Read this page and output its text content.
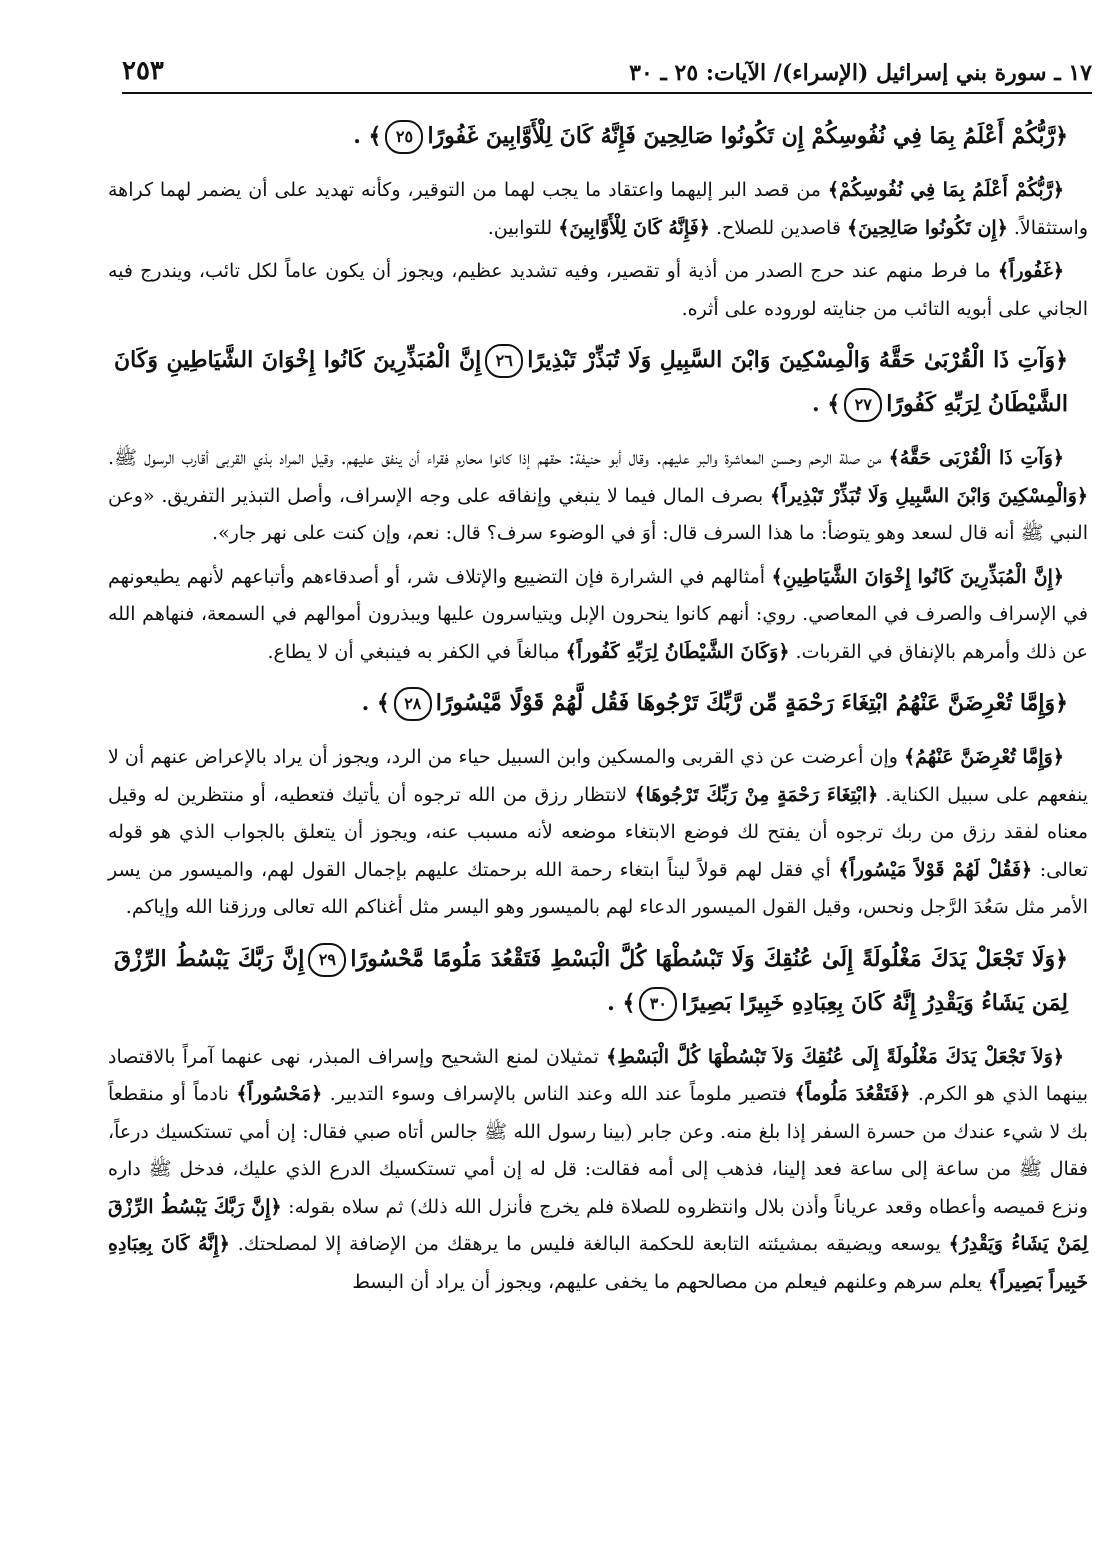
١٧ ـ سورة بني إسرائيل (الإسراء)/ الآيات: ٢٥ ـ ٣٠
٢٥٣

﴿رَّبُّكُمْ أَعْلَمُ بِمَا فِي نُفُوسِكُمْ إِن تَكُونُوا صَالِحِينَ فَإِنَّهُ كَانَ لِلْأَوَّابِينَ غَفُورًا٢٥﴾ .

﴿رَّبُّكُمْ أَعْلَمُ بِمَا فِي نُفُوسِكُمْ﴾ من قصد البر إليهما واعتقاد ما يجب لهما من التوقير، وكأنه تهديد على أن يضمر لهما كراهة واستثقالاً. ﴿إِن تَكُونُوا صَالِحِينَ﴾ قاصدين للصلاح. ﴿فَإِنَّهُ كَانَ لِلْأَوَّابِينَ﴾ للتوابين.

﴿غَفُوراً﴾ ما فرط منهم عند حرج الصدر من أذية أو تقصير، وفيه تشديد عظيم، ويجوز أن يكون عاماً لكل تائب، ويندرج فيه الجاني على أبويه التائب من جنايته لوروده على أثره.

﴿وَآتِ ذَا الْقُرْبَىٰ حَقَّهُ وَالْمِسْكِينَ وَابْنَ السَّبِيلِ وَلَا تُبَذِّرْ تَبْذِيرًا٢٦إِنَّ الْمُبَذِّرِينَ كَانُوا إِخْوَانَ الشَّيَاطِينِ وَكَانَ الشَّيْطَانُ لِرَبِّهِ كَفُورًا٢٧﴾ .

﴿وَآتِ ذَا الْقُرْبَى حَقَّهُ﴾ من صلة الرحم وحسن المعاشرة والبر عليهم. وقال أبو حنيفة: حقهم إذا كانوا محارم فقراء أن ينفق عليهم. وقيل المراد بذي القربى أقارب الرسول ﷺ. ﴿وَالْمِسْكِينَ وَابْنَ السَّبِيلِ وَلَا تُبَذِّرْ تَبْذِيراً﴾ بصرف المال فيما لا ينبغي وإنفاقه على وجه الإسراف، وأصل التبذير التفريق. «وعن النبي ﷺ أنه قال لسعد وهو يتوضأ: ما هذا السرف قال: أوَ في الوضوء سرف؟ قال: نعم، وإن كنت على نهر جار».

﴿إِنَّ الْمُبَذِّرِينَ كَانُوا إِخْوَانَ الشَّيَاطِينِ﴾ أمثالهم في الشرارة فإن التضييع والإتلاف شر، أو أصدقاءهم وأتباعهم لأنهم يطيعونهم في الإسراف والصرف في المعاصي. روي: أنهم كانوا ينحرون الإبل ويتياسرون عليها ويبذرون أموالهم في السمعة، فنهاهم الله عن ذلك وأمرهم بالإنفاق في القربات. ﴿وَكَانَ الشَّيْطَانُ لِرَبِّهِ كَفُوراً﴾ مبالغاً في الكفر به فينبغي أن لا يطاع.

﴿وَإِمَّا تُعْرِضَنَّ عَنْهُمُ ابْتِغَاءَ رَحْمَةٍ مِّن رَّبِّكَ تَرْجُوهَا فَقُل لَّهُمْ قَوْلًا مَّيْسُورًا٢٨﴾ .

﴿وَإِمَّا تُعْرِضَنَّ عَنْهُمُ﴾ وإن أعرضت عن ذي القربى والمسكين وابن السبيل حياء من الرد، ويجوز أن يراد بالإعراض عنهم أن لا ينفعهم على سبيل الكناية. ﴿ابْتِغَاءَ رَحْمَةٍ مِنْ رَبِّكَ تَرْجُوهَا﴾ لانتظار رزق من الله ترجوه أن يأتيك فتعطيه، أو منتظرين له وقيل معناه لفقد رزق من ربك ترجوه أن يفتح لك فوضع الابتغاء موضعه لأنه مسبب عنه، ويجوز أن يتعلق بالجواب الذي هو قوله تعالى: ﴿فَقُلْ لَهُمْ قَوْلاً مَيْسُوراً﴾ أي فقل لهم قولاً ليناً ابتغاء رحمة الله برحمتك عليهم بإجمال القول لهم، والميسور من يسر الأمر مثل سَعُدَ الرَّجل ونحس، وقيل القول الميسور الدعاء لهم بالميسور وهو اليسر مثل أغناكم الله تعالى ورزقنا الله وإياكم.

﴿وَلَا تَجْعَلْ يَدَكَ مَغْلُولَةً إِلَىٰ عُنُقِكَ وَلَا تَبْسُطْهَا كُلَّ الْبَسْطِ فَتَقْعُدَ مَلُومًا مَّحْسُورًا٢٩إِنَّ رَبَّكَ يَبْسُطُ الرِّزْقَ لِمَن يَشَاءُ وَيَقْدِرُ إِنَّهُ كَانَ بِعِبَادِهِ خَبِيرًا بَصِيرًا٣٠﴾ .

﴿وَلاَ تَجْعَلْ يَدَكَ مَغْلُولَةً إِلَى عُنُقِكَ وَلاَ تَبْسُطْهَا كُلَّ الْبَسْطِ﴾ تمثيلان لمنع الشحيح وإسراف المبذر، نهى عنهما آمراً بالاقتصاد بينهما الذي هو الكرم. ﴿فَتَقْعُدَ مَلُوماً﴾ فتصير ملوماً عند الله وعند الناس بالإسراف وسوء التدبير. ﴿مَحْسُوراً﴾ نادماً أو منقطعاً بك لا شيء عندك من حسرة السفر إذا بلغ منه. وعن جابر (بينا رسول الله ﷺ جالس أتاه صبي فقال: إن أمي تستكسيك درعاً، فقال ﷺ من ساعة إلى ساعة فعد إلينا، فذهب إلى أمه فقالت: قل له إن أمي تستكسيك الدرع الذي عليك، فدخل ﷺ داره ونزع قميصه وأعطاه وقعد عرياناً وأذن بلال وانتظروه للصلاة فلم يخرج فأنزل الله ذلك) ثم سلاه بقوله: ﴿إِنَّ رَبَّكَ يَبْسُطُ الرِّزْقَ لِمَنْ يَشَاءُ وَيَقْدِرُ﴾ يوسعه ويضيقه بمشيئته التابعة للحكمة البالغة فليس ما يرهقك من الإضافة إلا لمصلحتك. ﴿إِنَّهُ كَانَ بِعِبَادِهِ خَبِيراً بَصِيراً﴾ يعلم سرهم وعلنهم فيعلم من مصالحهم ما يخفى عليهم، ويجوز أن يراد أن البسط
